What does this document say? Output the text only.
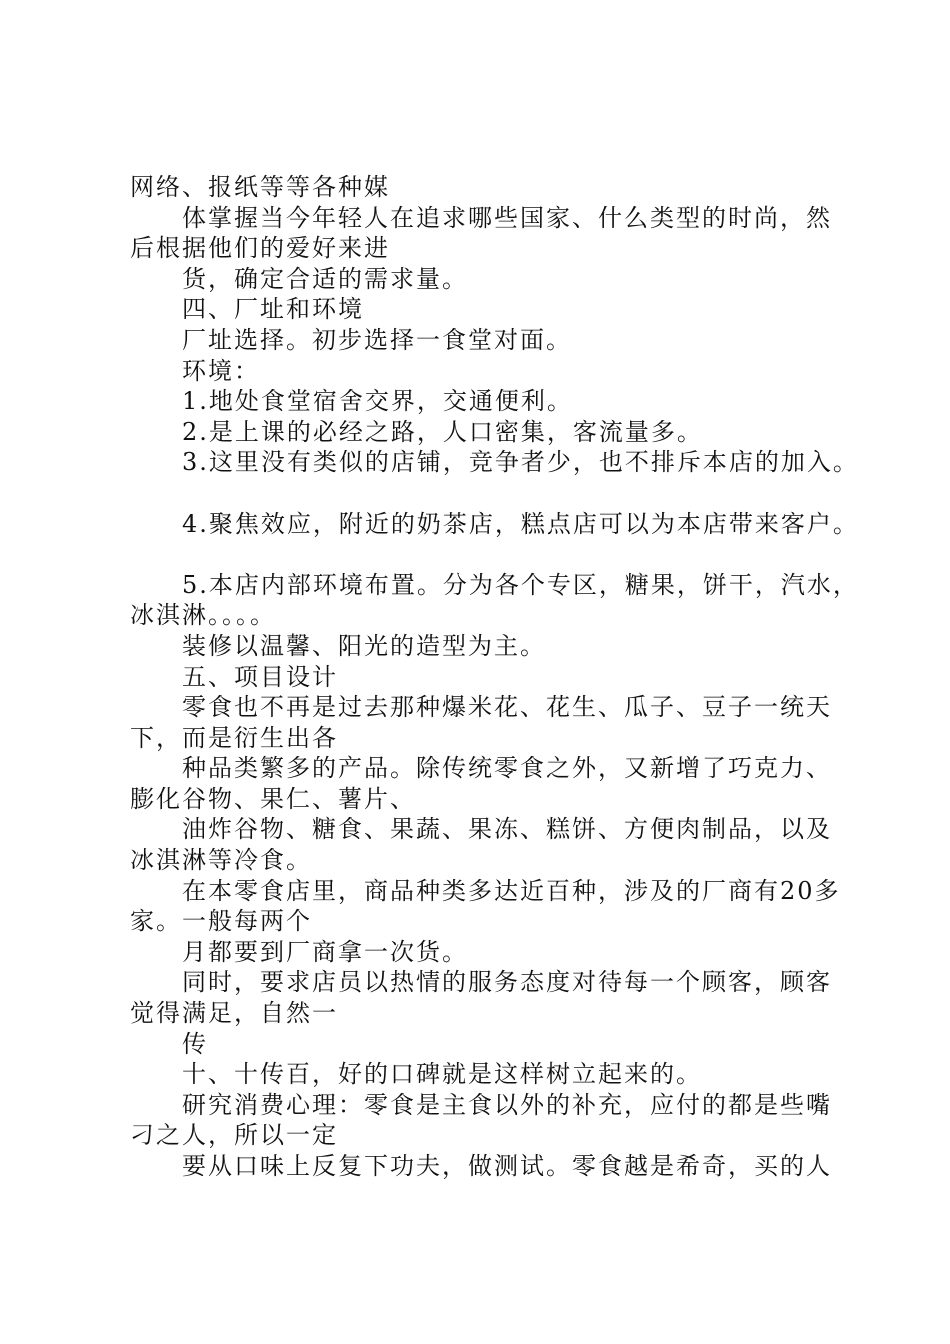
网络、报纸等等各种媒
体掌握当今年轻人在追求哪些国家、什么类型的时尚，然
后根据他们的爱好来进
货，确定合适的需求量。
四、厂址和环境
厂址选择。初步选择一食堂对面。
环境：
1.地处食堂宿舍交界，交通便利。
2.是上课的必经之路，人口密集，客流量多。
3.这里没有类似的店铺，竞争者少，也不排斥本店的加入。
4.聚焦效应，附近的奶茶店，糕点店可以为本店带来客户。
5.本店内部环境布置。分为各个专区，糖果，饼干，汽水，
冰淇淋。。。。
装修以温馨、阳光的造型为主。
五、项目设计
零食也不再是过去那种爆米花、花生、瓜子、豆子一统天
下，而是衍生出各
种品类繁多的产品。除传统零食之外，又新增了巧克力、
膨化谷物、果仁、薯片、
油炸谷物、糖食、果蔬、果冻、糕饼、方便肉制品，以及
冰淇淋等冷食。
在本零食店里，商品种类多达近百种，涉及的厂商有20多
家。一般每两个
月都要到厂商拿一次货。
同时，要求店员以热情的服务态度对待每一个顾客，顾客
觉得满足，自然一
传
十、十传百，好的口碑就是这样树立起来的。
研究消费心理：零食是主食以外的补充，应付的都是些嘴
刁之人，所以一定
要从口味上反复下功夫，做测试。零食越是希奇，买的人
